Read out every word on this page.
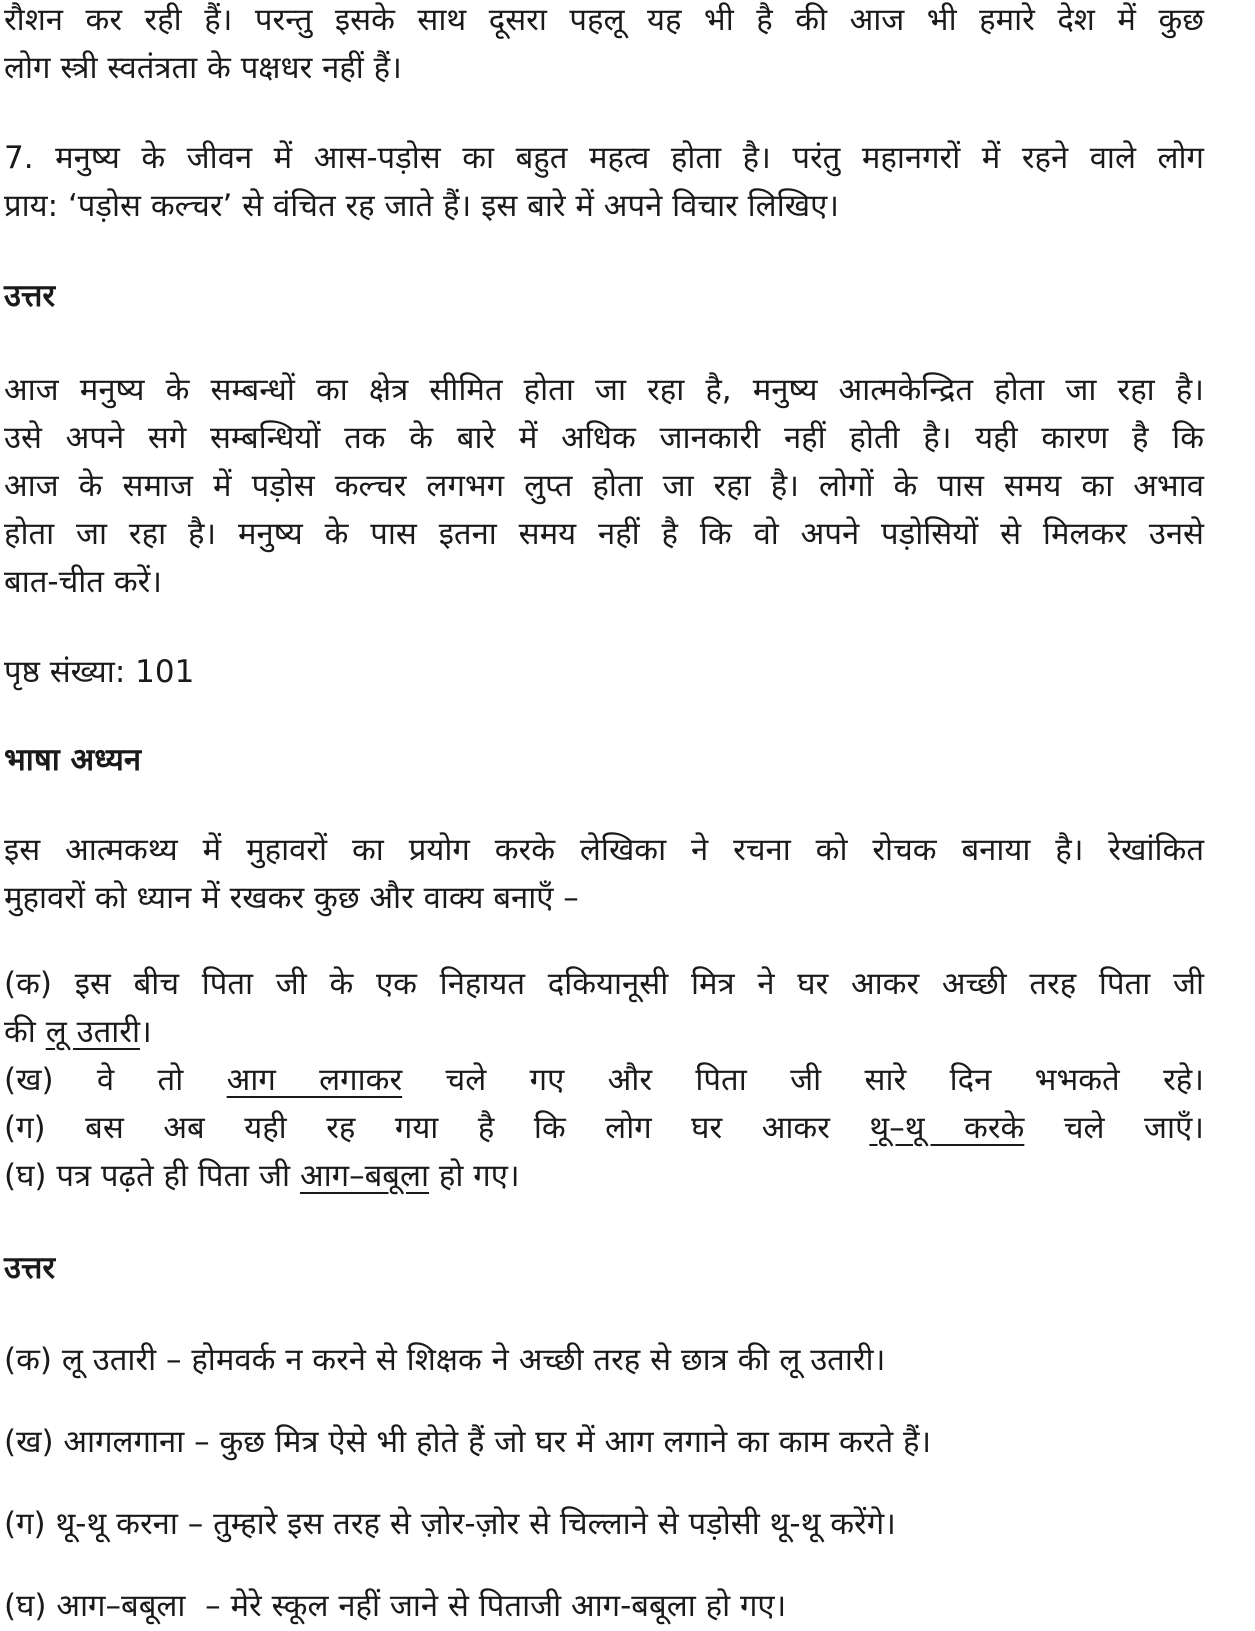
रौशन कर रही हैं। परन्तु इसके साथ दूसरा पहलू यह भी है की आज भी हमारे देश में कुछ
लोग स्त्री स्वतंत्रता के पक्षधर नहीं हैं।
7. मनुष्य के जीवन में आस-पड़ोस का बहुत महत्व होता है। परंतु महानगरों में रहने वाले लोग
प्राय: ‘पड़ोस कल्चर’ से वंचित रह जाते हैं। इस बारे में अपने विचार लिखिए।
उत्तर
आज मनुष्य के सम्बन्धों का क्षेत्र सीमित होता जा रहा है, मनुष्य आत्मकेन्द्रित होता जा रहा है।
उसे अपने सगे सम्बन्धियों तक के बारे में अधिक जानकारी नहीं होती है। यही कारण है कि
आज के समाज में पड़ोस कल्चर लगभग लुप्त होता जा रहा है। लोगों के पास समय का अभाव
होता जा रहा है। मनुष्य के पास इतना समय नहीं है कि वो अपने पड़ोसियों से मिलकर उनसे
बात-चीत करें।
पृष्ठ संख्या: 101
भाषा अध्यन
इस आत्मकथ्य में मुहावरों का प्रयोग करके लेखिका ने रचना को रोचक बनाया है। रेखांकित
मुहावरों को ध्यान में रखकर कुछ और वाक्य बनाएँ –
(क) इस बीच पिता जी के एक निहायत दकियानूसी मित्र ने घर आकर अच्छी तरह पिता जी
की लू उतारी।
(ख) वे तो आग लगाकर चले गए और पिता जी सारे दिन भभकते रहे।
(ग) बस अब यही रह गया है कि लोग घर आकर थू–थू करके चले जाएँ।
(घ) पत्र पढ़ते ही पिता जी आग–बबूला हो गए।
उत्तर
(क) लू उतारी – होमवर्क न करने से शिक्षक ने अच्छी तरह से छात्र की लू उतारी।
(ख) आगलगाना – कुछ मित्र ऐसे भी होते हैं जो घर में आग लगाने का काम करते हैं।
(ग) थू-थू करना – तुम्हारे इस तरह से ज़ोर-ज़ोर से चिल्लाने से पड़ोसी थू-थू करेंगे।
(घ) आग–बबूला  – मेरे स्कूल नहीं जाने से पिताजी आग-बबूला हो गए।
